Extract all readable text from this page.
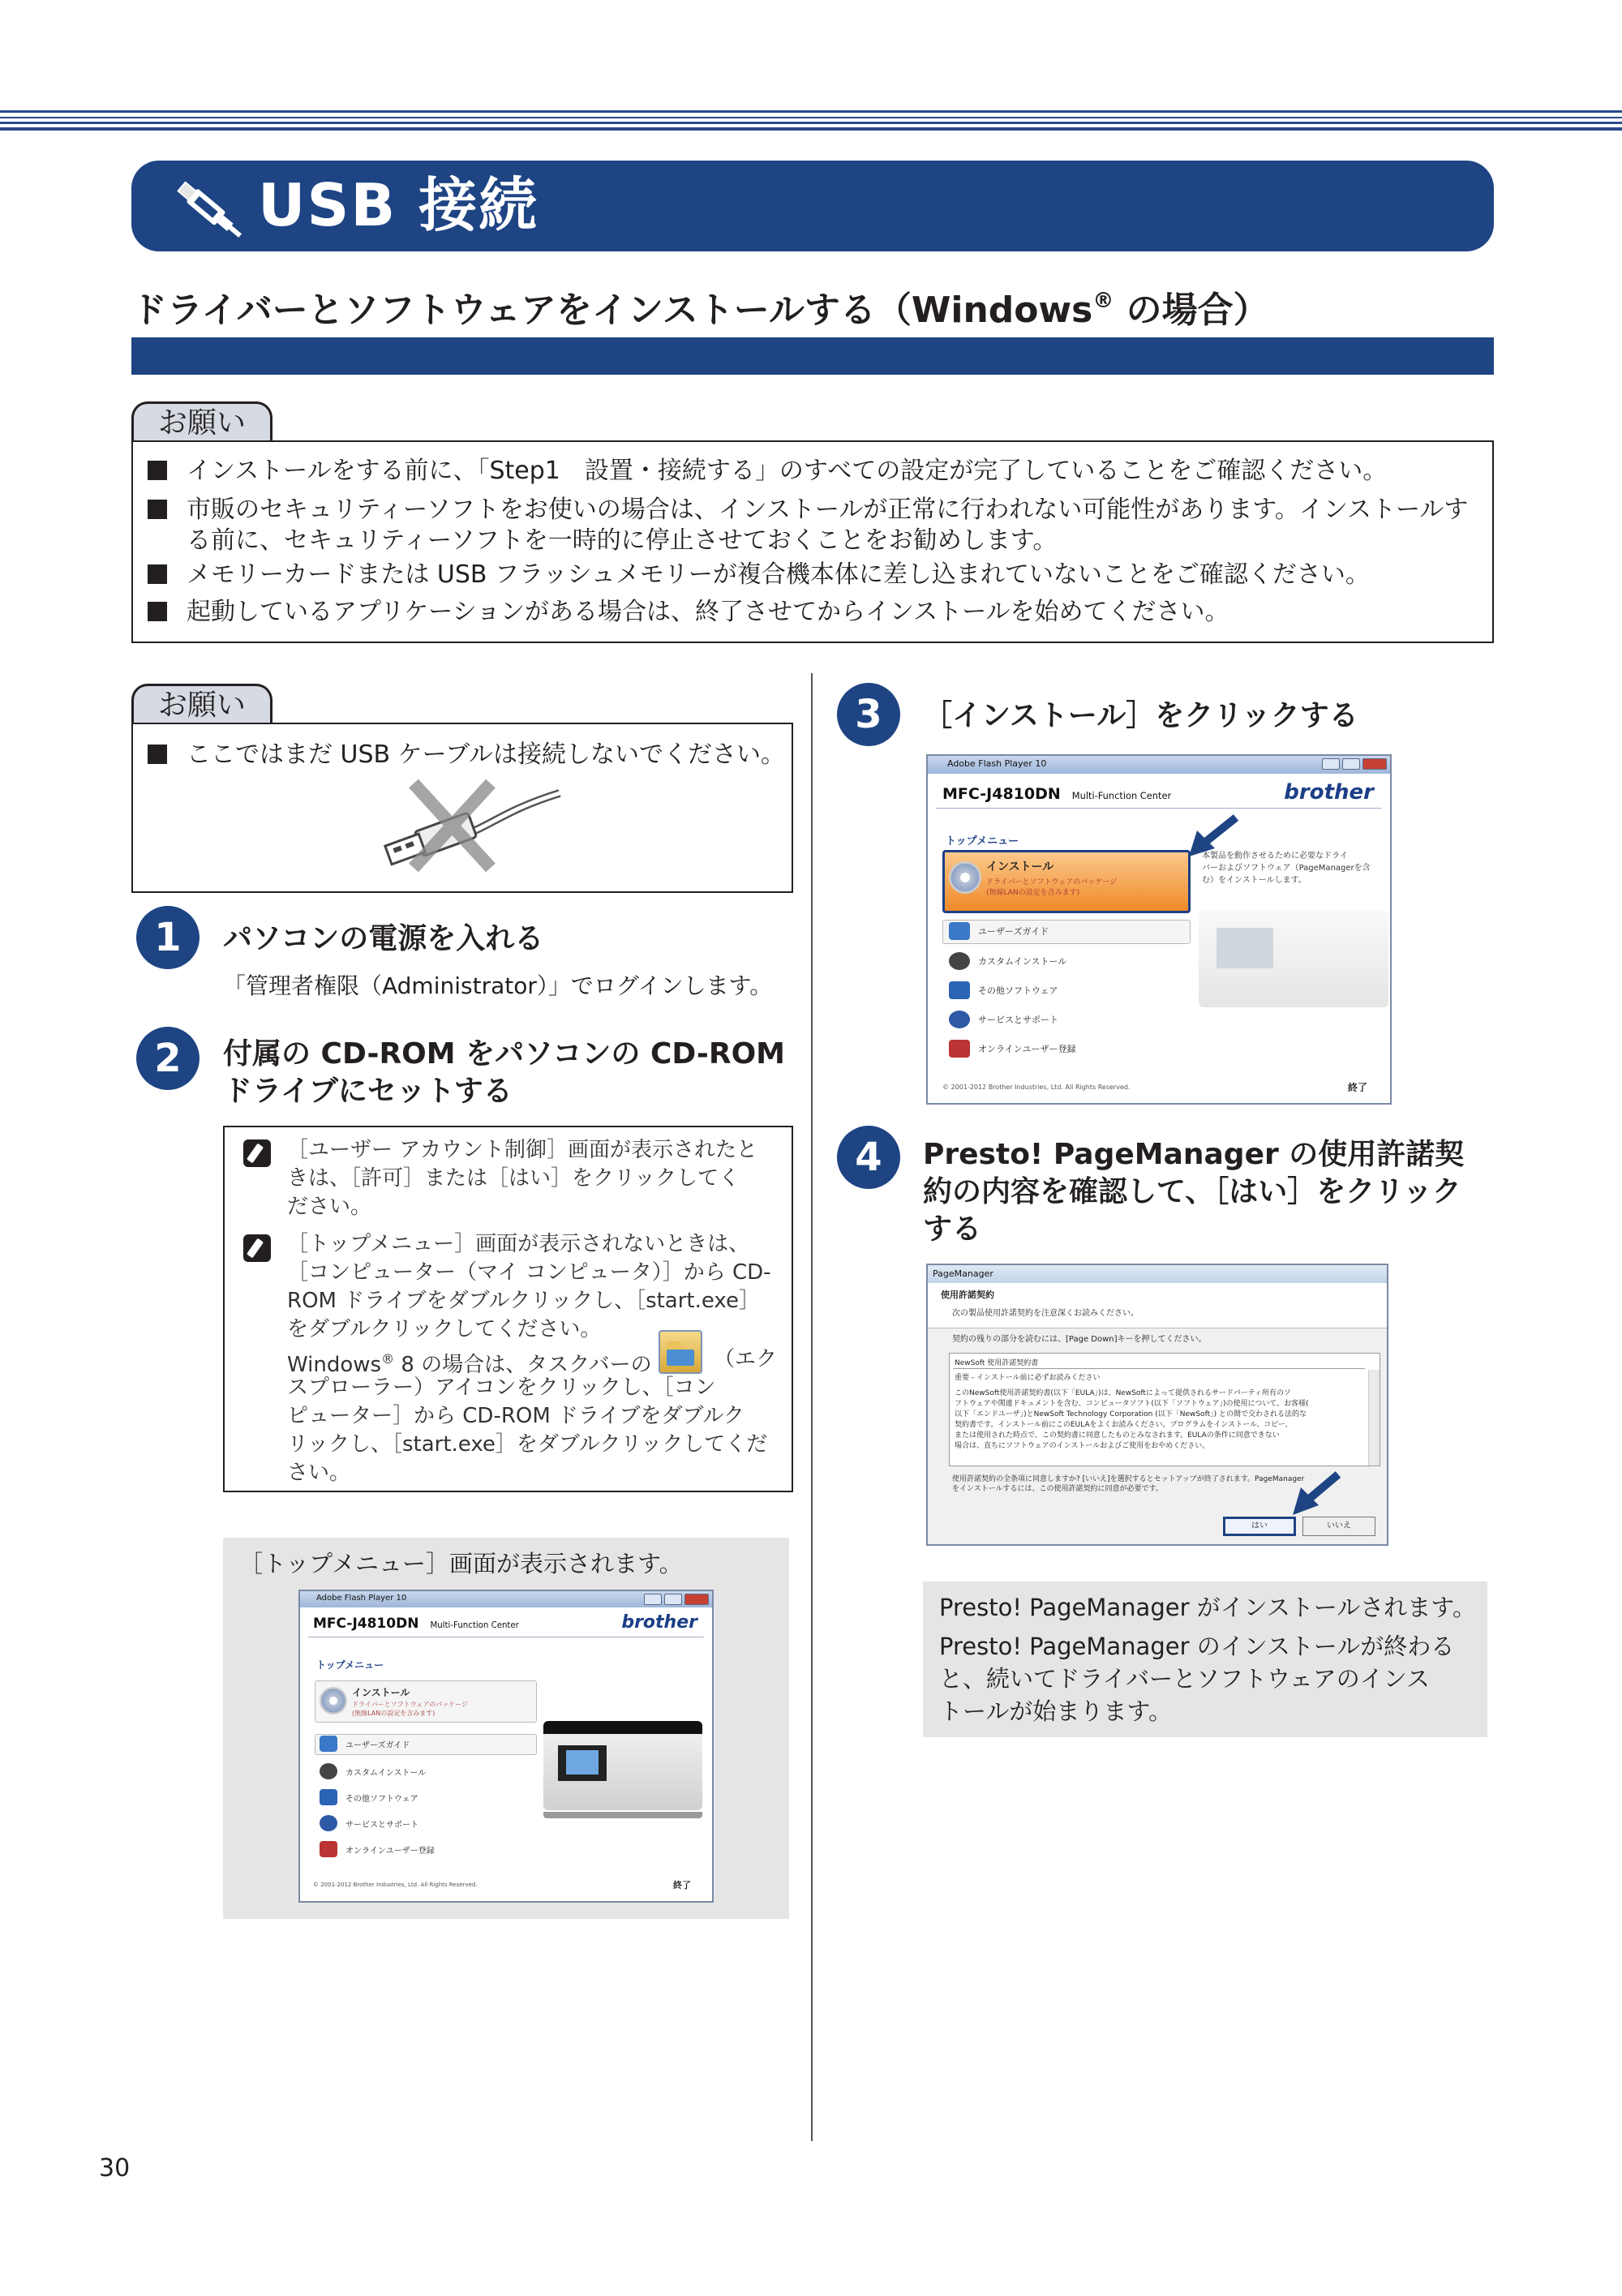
USB 接続
ドライバーとソフトウェアをインストールする（Windows® の場合）
お願い
インストールをする前に、「Step1　設置・接続する」のすべての設定が完了していることをご確認ください。
市販のセキュリティーソフトをお使いの場合は、インストールが正常に行われない可能性があります。インストールす
る前に、セキュリティーソフトを一時的に停止させておくことをお勧めします。
メモリーカードまたは USB フラッシュメモリーが複合機本体に差し込まれていないことをご確認ください。
起動しているアプリケーションがある場合は、終了させてからインストールを始めてください。
お願い
ここではまだ USB ケーブルは接続しないでください。
1	パソコンの電源を入れる
「管理者権限（Administrator）」でログインします。
2	付属の CD-ROM をパソコンの CD-ROM
ドライブにセットする
［ユーザー アカウント制御］画面が表示されたと
きは、［許可］または［はい］をクリックしてく
ださい。
［トップメニュー］画面が表示されないときは、
［コンピューター（マイ コンピュータ）］から CD-
ROM ドライブをダブルクリックし、［start.exe］
をダブルクリックしてください。
Windows® 8 の場合は、タスクバーの	（エク
スプローラー）アイコンをクリックし、［コン
ピューター］から CD-ROM ドライブをダブルク
リックし、［start.exe］をダブルクリックしてくだ
さい。
［トップメニュー］画面が表示されます。
Adobe Flash Player 10
MFC-J4810DN Multi-Function Center	brother
トップメニュー
インストール
ドライバーとソフトウェアのパッケージ
(無線LANの設定を含みます)
ユーザーズガイド
カスタムインストール
その他ソフトウェア
サービスとサポート
オンラインユーザー登録
© 2001-2012 Brother Industries, Ltd. All Rights Reserved.	終了
3	［インストール］をクリックする
Adobe Flash Player 10
MFC-J4810DN Multi-Function Center	brother
トップメニュー
インストール
ドライバーとソフトウェアのパッケージ
(無線LANの設定を含みます)
本製品を動作させるために必要なドライ
バーおよびソフトウェア（PageManagerを含
む）をインストールします。
ユーザーズガイド
カスタムインストール
その他ソフトウェア
サービスとサポート
オンラインユーザー登録
© 2001-2012 Brother Industries, Ltd. All Rights Reserved.	終了
4	Presto! PageManager の使用許諾契
約の内容を確認して、［はい］をクリック
する
PageManager
使用許諾契約
次の製品使用許諾契約を注意深くお読みください。
契約の残りの部分を読むには、[Page Down]キーを押してください。
NewSoft 使用許諾契約書
重要 - インストール前に必ずお読みください
このNewSoft使用許諾契約書(以下「EULA」)は、NewSoftによって提供されるサードパーティ所有のソ
フトウェアや関連ドキュメントを含む、コンピュータソフト(以下「ソフトウェア」)の使用について、お客様(
以下「エンドユーザ」)とNewSoft Technology Corporation (以下「NewSoft」) との間で交わされる法的な
契約書です。インストール前にこのEULAをよくお読みください。プログラムをインストール、コピー、
または使用された時点で、この契約書に同意したものとみなされます。EULAの条件に同意できない
場合は、直ちにソフトウェアのインストールおよびご使用をおやめください。
使用許諾契約の全条項に同意しますか? [いいえ]を選択するとセットアップが終了されます。PageManager
をインストールするには、この使用許諾契約に同意が必要です。
はい	いいえ
Presto! PageManager がインストールされます。
Presto! PageManager のインストールが終わる
と、続いてドライバーとソフトウェアのインス
トールが始まります。
30
